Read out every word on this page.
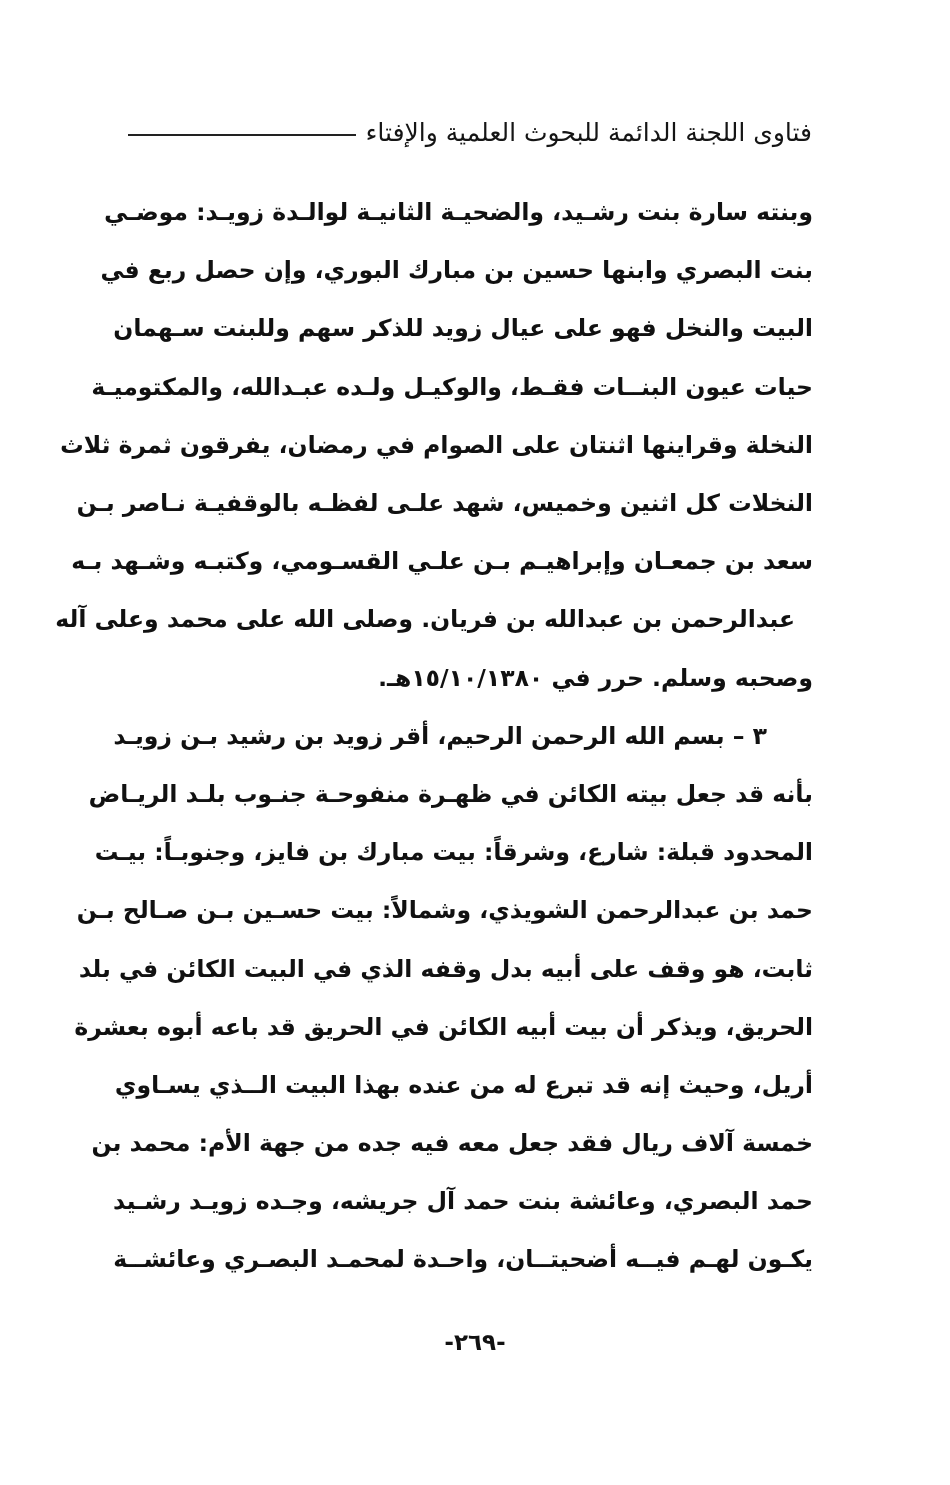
فتاوى اللجنة الدائمة للبحوث العلمية والإفتاء
وبنته سارة بنت رشـيد، والضحيـة الثانيـة لوالـدة زويـد: موضـي
بنت البصري وابنها حسين بن مبارك البوري، وإن حصل ربع في
البيت والنخل فهو على عيال زويد للذكر سهم وللبنت سـهمان
حيات عيون البنــات فقـط، والوكيـل ولـده عبـدالله، والمكتوميـة
النخلة وقراينها اثنتان على الصوام في رمضان، يفرقون ثمرة ثلاث
النخلات كل اثنين وخميس، شهد علـى لفظـه بالوقفيـة نـاصر بـن
سعد بن جمعـان وإبراهيـم بـن علـي القسـومي، وكتبـه وشـهد بـه
عبدالرحمن بن عبدالله بن فريان. وصلى الله على محمد وعلى آله
وصحبه وسلم. حرر في ١٥/١٠/١٣٨٠هـ.
٣ – بسم الله الرحمن الرحيم، أقر زويد بن رشيد بـن زويـد
بأنه قد جعل بيته الكائن في ظهـرة منفوحـة جنـوب بلـد الريـاض
المحدود قبلة: شارع، وشرقاً: بيت مبارك بن فايز، وجنوبـاً: بيـت
حمد بن عبدالرحمن الشويذي، وشمالاً: بيت حسـين بـن صـالح بـن
ثابت، هو وقف على أبيه بدل وقفه الذي في البيت الكائن في بلد
الحريق، ويذكر أن بيت أبيه الكائن في الحريق قد باعه أبوه بعشرة
أريل، وحيث إنه قد تبرع له من عنده بهذا البيت الــذي يسـاوي
خمسة آلاف ريال فقد جعل معه فيه جده من جهة الأم: محمد بن
حمد البصري، وعائشة بنت حمد آل جريشه، وجـده زويـد رشـيد
يكـون لهـم فيــه أضحيتــان، واحـدة لمحمـد البصـري وعائشــة
-٢٦٩-
